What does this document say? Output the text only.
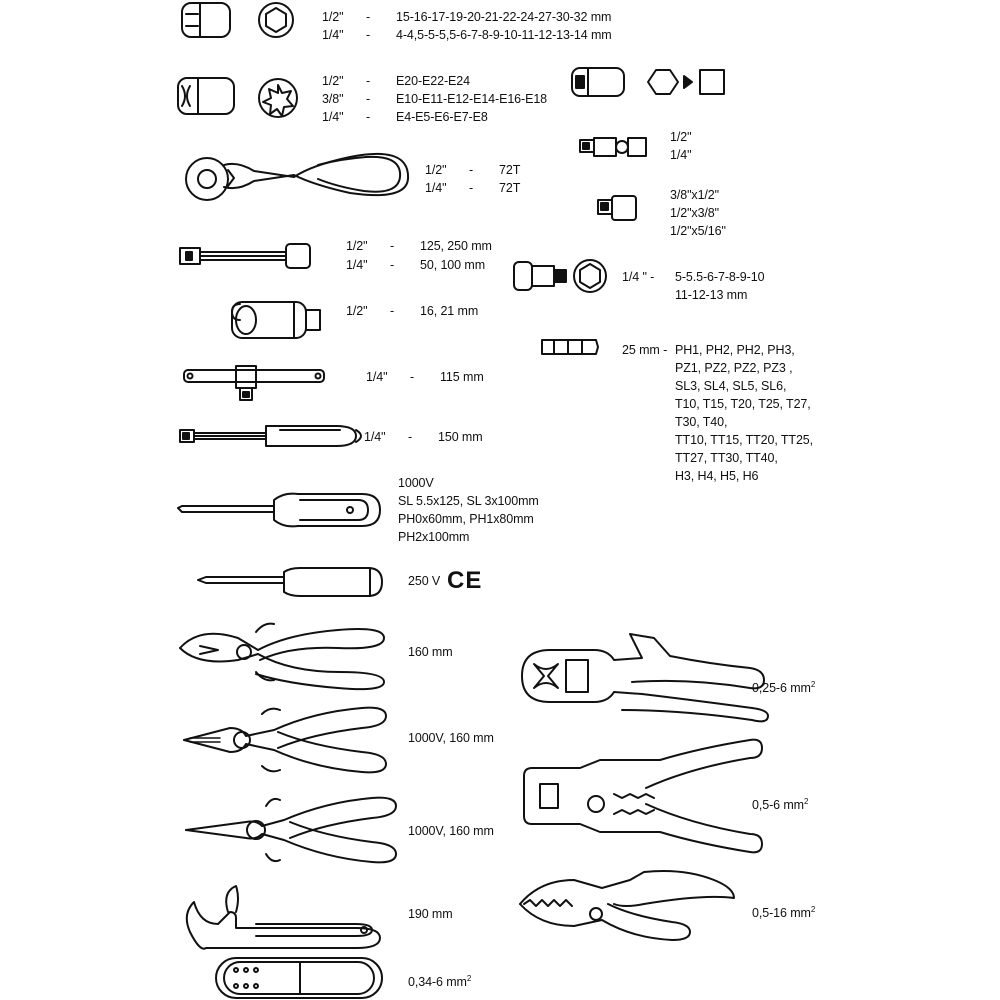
1/2" - 15-16-17-19-20-21-22-24-27-30-32 mm
1/4" - 4-4,5-5-5,5-6-7-8-9-10-11-12-13-14 mm
1/2" - E20-E22-E24
3/8" - E10-E11-E12-E14-E16-E18
1/4" - E4-E5-E6-E7-E8
1/2" - 72T
1/4" - 72T
1/2" - 125, 250 mm
1/4" - 50, 100 mm
1/2" - 16, 21 mm
1/4" - 115 mm
1/4" - 150 mm
1000V
SL 5.5x125, SL 3x100mm
PH0x60mm, PH1x80mm
PH2x100mm
250 V CE
160 mm
1000V, 160 mm
1000V, 160 mm
190 mm
0,34-6 $mm^2$
1/2"
1/4"
3/8"x1/2"
1/2"x3/8"
1/2"x5/16"
1/4 " - 5-5.5-6-7-8-9-10
11-12-13 mm
25 mm - PH1, PH2, PH2, PH3,
PZ1, PZ2, PZ2, PZ3 ,
SL3, SL4, SL5, SL6,
T10, T15, T20, T25, T27,
T30, T40,
TT10, TT15, TT20, TT25,
TT27, TT30, TT40,
H3, H4, H5, H6
0,25-6 $mm^2$
0,5-6 $mm^2$
0,5-16 $mm^2$
